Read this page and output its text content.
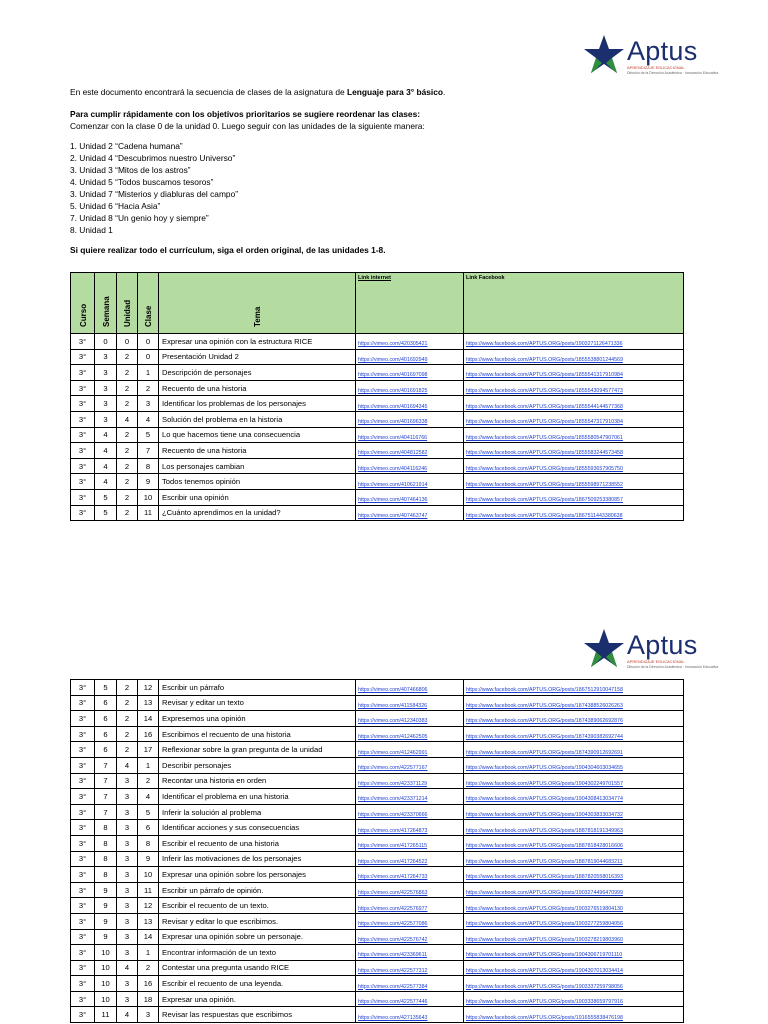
Aptus
APRENDIZAJE EDUCACIONAL
Difusión de la Dirección Académica · Innovación Educativa

En este documento encontrará la secuencia de clases de la asignatura de Lenguaje para 3° básico.

Para cumplir rápidamente con los objetivos prioritarios se sugiere reordenar las clases:

Comenzar con la clase 0 de la unidad 0. Luego seguir con las unidades de la siguiente manera:

1. Unidad 2 “Cadena humana”

2. Unidad 4 “Descubrimos nuestro Universo”

3. Unidad 3 “Mitos de los astros”

4. Unidad 5 “Todos buscamos tesoros”

3. Unidad 7 “Misterios y diabluras del campo”

5. Unidad 6 “Hacia Asia”

7. Unidad 8 “Un genio hoy y siempre”

8. Unidad 1

Si quiere realizar todo el currículum, siga el orden original, de las unidades 1-8.

Curso	Semana	Unidad	Clase	Tema	Link internet	Link Facebook
3°	0	0	0	Expresar una opinión con la estructura RICE	https://vimeo.com/420305421	https://www.facebook.com/APTUS.ORG/posts/1903271126471336
3°	3	2	0	Presentación Unidad 2	https://vimeo.com/401692949	https://www.facebook.com/APTUS.ORG/posts/1855538801244569
3°	3	2	1	Descripción de personajes	https://vimeo.com/401697098	https://www.facebook.com/APTUS.ORG/posts/1855541317910984
3°	3	2	2	Recuento de una historia	https://vimeo.com/401691825	https://www.facebook.com/APTUS.ORG/posts/1855543094577473
3°	3	2	3	Identificar los problemas de los personajes	https://vimeo.com/401694345	https://www.facebook.com/APTUS.ORG/posts/1855544144577368
3°	3	4	4	Solución del problema en la historia	https://vimeo.com/401696338	https://www.facebook.com/APTUS.ORG/posts/1855547317910384
3°	4	2	5	Lo que hacemos tiene una consecuencia	https://vimeo.com/404116766	https://www.facebook.com/APTUS.ORG/posts/1855580547907061
3°	4	2	7	Recuento de una historia	https://vimeo.com/404812582	https://www.facebook.com/APTUS.ORG/posts/1855583244573458
3°	4	2	8	Los personajes cambian	https://vimeo.com/404116246	https://www.facebook.com/APTUS.ORG/posts/1855593657905750
3°	4	2	9	Todos tenemos opinión	https://vimeo.com/410621914	https://www.facebook.com/APTUS.ORG/posts/1855598971238552
3°	5	2	10	Escribir una opinión	https://vimeo.com/407464136	https://www.facebook.com/APTUS.ORG/posts/1867509253380857
3°	5	2	11	¿Cuánto aprendimos en la unidad?	https://vimeo.com/407463747	https://www.facebook.com/APTUS.ORG/posts/1867511443380638
Aptus
APRENDIZAJE EDUCACIONAL
Difusión de la Dirección Académica · Innovación Educativa
3°	5	2	12	Escribir un párrafo	https://vimeo.com/407466806	https://www.facebook.com/APTUS.ORG/posts/1867512910047158
3°	6	2	13	Revisar y editar un texto	https://vimeo.com/411584326	https://www.facebook.com/APTUS.ORG/posts/1874388526026263
3°	6	2	14	Expresemos una opinión	https://vimeo.com/412340383	https://www.facebook.com/APTUS.ORG/posts/1874389062692876
3°	6	2	16	Escribimos el recuento de una historia	https://vimeo.com/412462505	https://www.facebook.com/APTUS.ORG/posts/1874390382692744
3°	6	2	17	Reflexionar sobre la gran pregunta de la unidad	https://vimeo.com/412462991	https://www.facebook.com/APTUS.ORG/posts/1874390912692691
3°	7	4	1	Describir personajes	https://vimeo.com/422577167	https://www.facebook.com/APTUS.ORG/posts/1904304603034655
3°	7	3	2	Recontar una historia en orden	https://vimeo.com/423371129	https://www.facebook.com/APTUS.ORG/posts/1904302249701557
3°	7	3	4	Identificar el problema en una historia	https://vimeo.com/423371214	https://www.facebook.com/APTUS.ORG/posts/1904308413034774
3°	7	3	5	Inferir la solución al problema	https://vimeo.com/423370666	https://www.facebook.com/APTUS.ORG/posts/1904303833034732
3°	8	3	6	Identificar acciones y sus consecuencias	https://vimeo.com/417264873	https://www.facebook.com/APTUS.ORG/posts/1887818191349963
3°	8	3	8	Escribir el recuento de una historia	https://vimeo.com/417265115	https://www.facebook.com/APTUS.ORG/posts/1887818428016606
3°	8	3	9	Inferir las motivaciones de los personajes	https://vimeo.com/417264522	https://www.facebook.com/APTUS.ORG/posts/1887819044683211
3°	8	3	10	Expresar una opinión sobre los personajes	https://vimeo.com/417264733	https://www.facebook.com/APTUS.ORG/posts/1887820558016393
3°	9	3	11	Escribir un párrafo de opinión.	https://vimeo.com/422576863	https://www.facebook.com/APTUS.ORG/posts/1903274496470999
3°	9	3	12	Escribir el recuento de un texto.	https://vimeo.com/422576977	https://www.facebook.com/APTUS.ORG/posts/1903276519804130
3°	9	3	13	Revisar y editar lo que escribimos.	https://vimeo.com/422577086	https://www.facebook.com/APTUS.ORG/posts/1903277259804056
3°	9	3	14	Expresar una opinión sobre un personaje.	https://vimeo.com/422576742	https://www.facebook.com/APTUS.ORG/posts/1903278219803960
3°	10	3	1	Encontrar información de un texto	https://vimeo.com/423369611	https://www.facebook.com/APTUS.ORG/posts/1904306719701110
3°	10	4	2	Contestar una pregunta usando RICE	https://vimeo.com/422577312	https://www.facebook.com/APTUS.ORG/posts/1904307013034414
3°	10	3	16	Escribir el recuento de una leyenda.	https://vimeo.com/422577384	https://www.facebook.com/APTUS.ORG/posts/1903337259798056
3°	10	3	18	Expresar una opinión.	https://vimeo.com/422577446	https://www.facebook.com/APTUS.ORG/posts/1903338659797916
3°	11	4	3	Revisar las respuestas que escribimos	https://vimeo.com/427135643	https://www.facebook.com/APTUS.ORG/posts/1916555838476198
